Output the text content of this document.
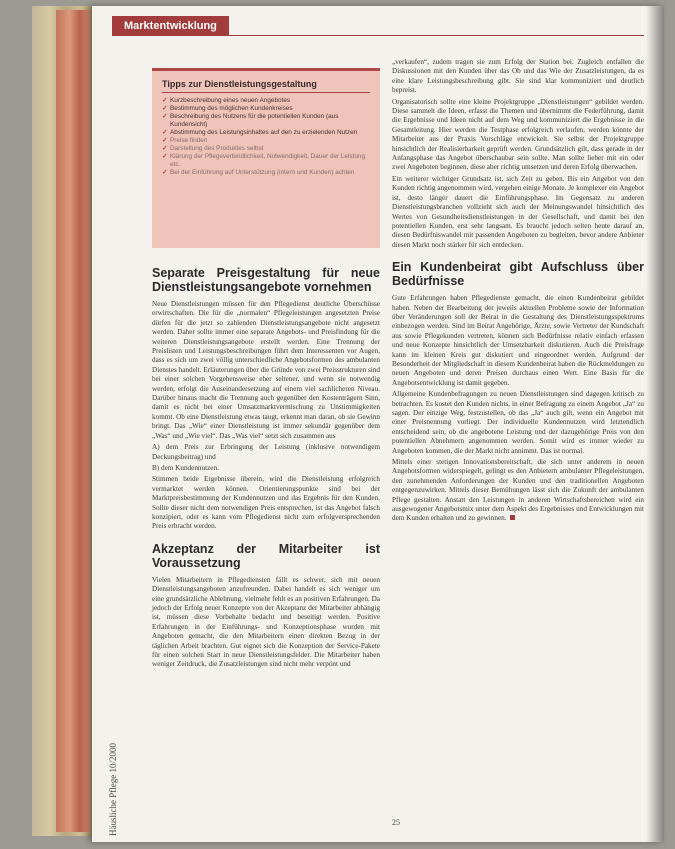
Marktentwicklung
Tipps zur Dienstleistungsgestaltung
✓ Kurzbeschreibung eines neuen Angebotes
✓ Bestimmung des möglichen Kundenkreises
✓ Beschreibung des Nutzens für die potentiellen Kunden (aus Kundensicht)
✓ Abstimmung des Leistungsinhaltes auf den zu erzielenden Nutzen
✓ Preise finden
✓ Darstellung des Produktes selbst
✓ Klärung der Pflegeverbindlichkeit, Notwendigkeit, Dauer der Leistung etc.
✓ Bei der Einführung auf Unterstützung (intern und Kunden) achten
Separate Preisgestaltung für neue Dienstleistungsangebote vornehmen

Neue Dienstleistungen müssen für den Pflegedienst deutliche Überschüsse erwirtschaften. Die für die „normalen“ Pflegeleistungen angesetzten Preise dürfen für die jetzt so zahlenden Dienstleistungsangebote nicht angesetzt werden. Daher sollte immer eine separate Angebots- und Preisfindung für die weiteren Dienstleistungsangebote erstellt werden. Eine Trennung der Preislisten und Leistungsbeschreibungen führt dem Interessenten vor Augen, dass es sich um zwei völlig unterschiedliche Angebotsformen des ambulanten Dienstes handelt. Erläuterungen über die Gründe von zwei Preisstrukturen sind bei einer solchen Vorgehensweise eher seltener, und wenn sie notwendig werden, erfolgt die Auseinandersetzung auf einem viel sachlicheren Niveau. Darüber hinaus macht die Trennung auch gegenüber den Kostenträgern Sinn, damit es nicht bei einer Umsatzmarktvermischung zu Unstimmigkeiten kommt. Ob eine Dienstleistung etwas taugt, erkennt man daran, ob sie Gewinn bringt. Das „Wie“ einer Dienstleistung ist immer sekundär gegenüber dem „Was“ und „Wie viel“. Das „Was viel“ setzt sich zusammen aus

A) dem Preis zur Erbringung der Leistung (inklusive notwendigem Deckungsbeitrag) und

B) dem Kundennutzen.

Stimmen beide Ergebnisse überein, wird die Dienstleistung erfolgreich vermarktet werden können. Orientierungspunkte sind bei der Marktpreisbestimmung der Kundennutzen und das Ergebnis für den Kunden. Sollte dieser nicht dem notwendigen Preis entsprechen, ist das Angebot falsch konzipiert, oder es kann vom Pflegedienst nicht zum erfolgversprechenden Preis erbracht werden.

Akzeptanz der Mitarbeiter ist Voraussetzung

Vielen Mitarbeitern in Pflegediensten fällt es schwer, sich mit neuen Dienstleistungsangeboten anzufreunden. Dabei handelt es sich weniger um eine grundsätzliche Ablehnung, vielmehr fehlt es an positiven Erfahrungen. Da jedoch der Erfolg neuer Konzepte von der Akzeptanz der Mitarbeiter abhängig ist, müssen diese Vorbehalte bedacht und beseitigt werden. Positive Erfahrungen in der Einführungs- und Konzeptionsphase wurden mit Angeboten gemacht, die den Mitarbeitern einen direkten Bezug in der täglichen Arbeit brachten. Gut eignet sich die Konzeption der Service-Pakete für einen solchen Start in neue Dienstleistungsfelder. Die Mitarbeiter haben weniger Zeitdruck, die Zusatzleistungen sind nicht mehr verpönt und

„verkaufen“, zudem tragen sie zum Erfolg der Station bei. Zugleich entfallen die Diskussionen mit den Kunden über das Ob und das Wie der Zusatzleistungen, da es eine klare Leistungsbeschreibung gibt. Sie sind klar kommuniziert und deutlich bepreist.

Organisatorisch sollte eine kleine Projektgruppe „Dienstleistungen“ gebildet werden. Diese sammelt die Ideen, erfasst die Themen und übernimmt die Federführung, damit die Ergebnisse und Ideen nicht auf dem Weg und kommuniziert die Ergebnisse in die Gesamtleitung. Hier werden die Testphase erfolgreich verlaufen, werden könnte der Mitarbeiter aus der Praxis Vorschläge entwickelt. Sie selbst der Projektgruppe hinsichtlich der Realisierbarkeit geprüft werden. Grundsätzlich gilt, dass gerade in der Anfangsphase das Angebot überschaubar sein sollte. Man sollte lieber mit ein oder zwei Angeboten beginnen, diese aber richtig umsetzen und deren Erfolg überwachen.

Ein weiterer wichtiger Grundsatz ist, sich Zeit zu geben. Bis ein Angebot von den Kunden richtig angenommen wird, vergehen einige Monate. Je komplexer ein Angebot ist, desto länger dauert die Einführungsphase. Im Gegensatz zu anderen Dienstleistungsbranchen vollzieht sich auch der Meinungswandel hinsichtlich des Wertes von Gesundheitsdienstleistungen in der Gesellschaft, und damit bei den potentiellen Kunden, erst sehr langsam. Es braucht jedoch selten heute darauf an, diesen Bedürfniswandel mit passenden Angeboten zu begleiten, bevor andere Anbieter diesen Markt noch stärker für sich entdecken.

Ein Kundenbeirat gibt Aufschluss über Bedürfnisse

Gute Erfahrungen haben Pflegedienste gemacht, die einen Kundenbeirat gebildet haben. Neben der Bearbeitung der jeweils aktuellen Probleme sowie der Information über Veränderungen soll der Beirat in die Gestaltung des Dienstleistungsspektrums einbezogen werden. Sind im Beirat Angehörige, Ärzte, sowie Vertreter der Kundschaft aus sowie Pflegekunden vertreten, können sich Bedürfnisse relativ einfach erfassen und neue Konzepte hinsichtlich der Umsetzbarkeit diskutieren. Auch die Preisfrage kann im kleinen Kreis gut diskutiert und eingeordnet werden. Aufgrund der Besonderheit der Mitgliedschaft in diesem Kundenbeirat haben die Rückmeldungen zu neuen Angeboten und deren Preisen durchaus einen Wert. Eine Basis für die Angebotsentwicklung ist damit gegeben.

Allgemeine Kundenbefragungen zu neuen Dienstleistungen sind dagegen kritisch zu betrachten. Es kostet den Kunden nichts, in einer Befragung zu einem Angebot „Ja“ zu sagen. Der einzige Weg, festzustellen, ob das „Ja“ auch gilt, wenn ein Angebot mit einer Preisnennung vorliegt. Der individuelle Kundennutzen wird letztendlich entscheidend sein, ob die angebotene Leistung und der dazugehörige Preis von den potentiellen Abnehmern angenommen werden. Somit wird es immer wieder zu Angeboten kommen, die der Markt nicht annimmt. Das ist normal.

Mittels einer stetigen Innovationsbereitschaft, die sich unter anderem in neuen Angebotsformen widerspiegelt, gelingt es den Anbietern ambulanter Pflegeleistungen, den zunehmenden Anforderungen der Kunden und den traditionellen Angeboten entgegenzuwirken. Mittels dieser Bemühungen lässt sich die Zukunft der ambulanten Pflege gestalten. Anstatt den Leistungen in anderen Wirtschaftsbereichen wird ein ausgewogener Angebotsmix unter dem Aspekt des Ergebnisses und Entwicklungen mit dem Kunden erhalten und zu gewinnen.

Häusliche Pflege 10/2000	25
